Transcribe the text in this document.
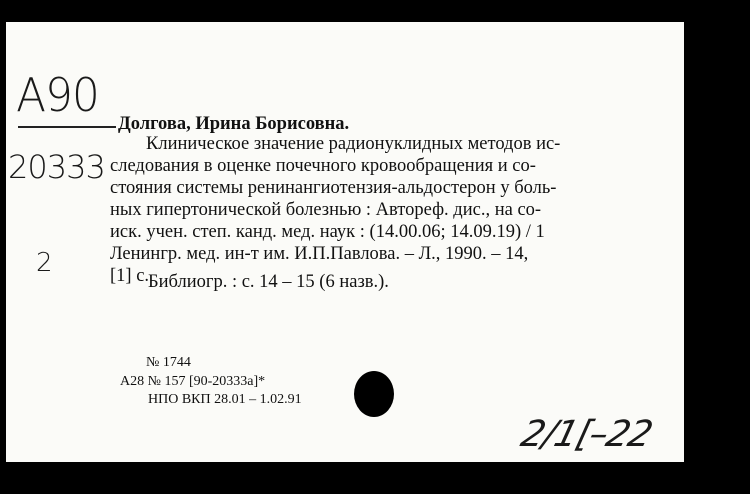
А90
20333
2
Долгова, Ирина Борисовна.
Клиническое значение радионуклидных методов ис-
следования в оценке почечного кровообращения и со-
стояния системы ренинангиотензия-альдостерон у боль-
ных гипертонической болезнью : Автореф. дис., на со-
иск. учен. степ. канд. мед. наук : (14.00.06; 14.09.19) / 1
Ленингр. мед. ин-т им. И.П.Павлова. – Л., 1990. – 14,
[1] с.
Библиогр. : с. 14 – 15 (6 назв.).
№ 1744
А28 № 157 [90-20333а]*
НПО ВКП 28.01 – 1.02.91
2/1[–22
